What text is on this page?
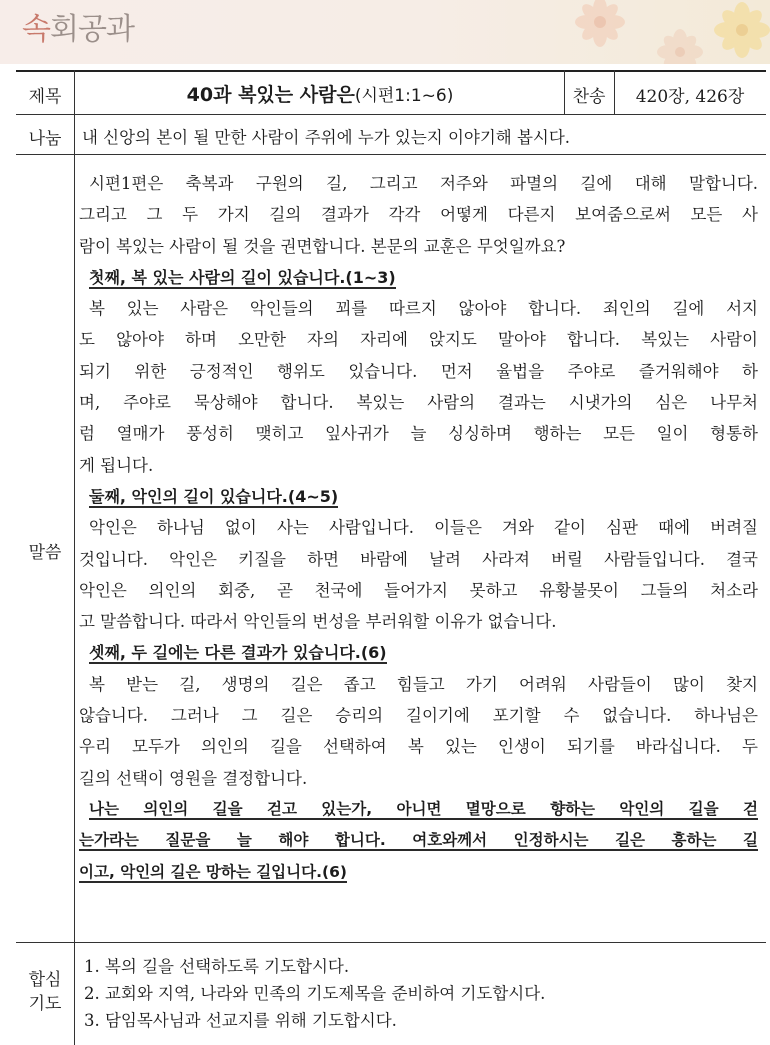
속회공과
제목	40과 복있는 사람은(시편1:1~6)	찬송	420장, 426장
나눔	내 신앙의 본이 될 만한 사람이 주위에 누가 있는지 이야기해 봅시다.
말씀

시편1편은 축복과 구원의 길, 그리고 저주와 파멸의 길에 대해 말합니다.

그리고 그 두 가지 길의 결과가 각각 어떻게 다른지 보여줌으로써 모든 사

람이 복있는 사람이 될 것을 권면합니다. 본문의 교훈은 무엇일까요?

첫째, 복 있는 사람의 길이 있습니다.(1~3)

복 있는 사람은 악인들의 꾀를 따르지 않아야 합니다. 죄인의 길에 서지

도 않아야 하며 오만한 자의 자리에 앉지도 말아야 합니다. 복있는 사람이

되기 위한 긍정적인 행위도 있습니다. 먼저 율법을 주야로 즐거워해야 하

며, 주야로 묵상해야 합니다. 복있는 사람의 결과는 시냇가의 심은 나무처

럼 열매가 풍성히 맺히고 잎사귀가 늘 싱싱하며 행하는 모든 일이 형통하

게 됩니다.

둘째, 악인의 길이 있습니다.(4~5)

악인은 하나님 없이 사는 사람입니다. 이들은 겨와 같이 심판 때에 버려질

것입니다. 악인은 키질을 하면 바람에 날려 사라져 버릴 사람들입니다. 결국

악인은 의인의 회중, 곧 천국에 들어가지 못하고 유황불못이 그들의 처소라

고 말씀합니다. 따라서 악인들의 번성을 부러워할 이유가 없습니다.

셋째, 두 길에는 다른 결과가 있습니다.(6)

복 받는 길, 생명의 길은 좁고 힘들고 가기 어려워 사람들이 많이 찾지

않습니다. 그러나 그 길은 승리의 길이기에 포기할 수 없습니다. 하나님은

우리 모두가 의인의 길을 선택하여 복 있는 인생이 되기를 바라십니다. 두

길의 선택이 영원을 결정합니다.

나는 의인의 길을 걷고 있는가, 아니면 멸망으로 향하는 악인의 길을 걷

는가라는 질문을 늘 해야 합니다. 여호와께서 인정하시는 길은 흥하는 길

이고, 악인의 길은 망하는 길입니다.(6)

합심
기도
1. 복의 길을 선택하도록 기도합시다.
2. 교회와 지역, 나라와 민족의 기도제목을 준비하여 기도합시다.
3. 담임목사님과 선교지를 위해 기도합시다.
